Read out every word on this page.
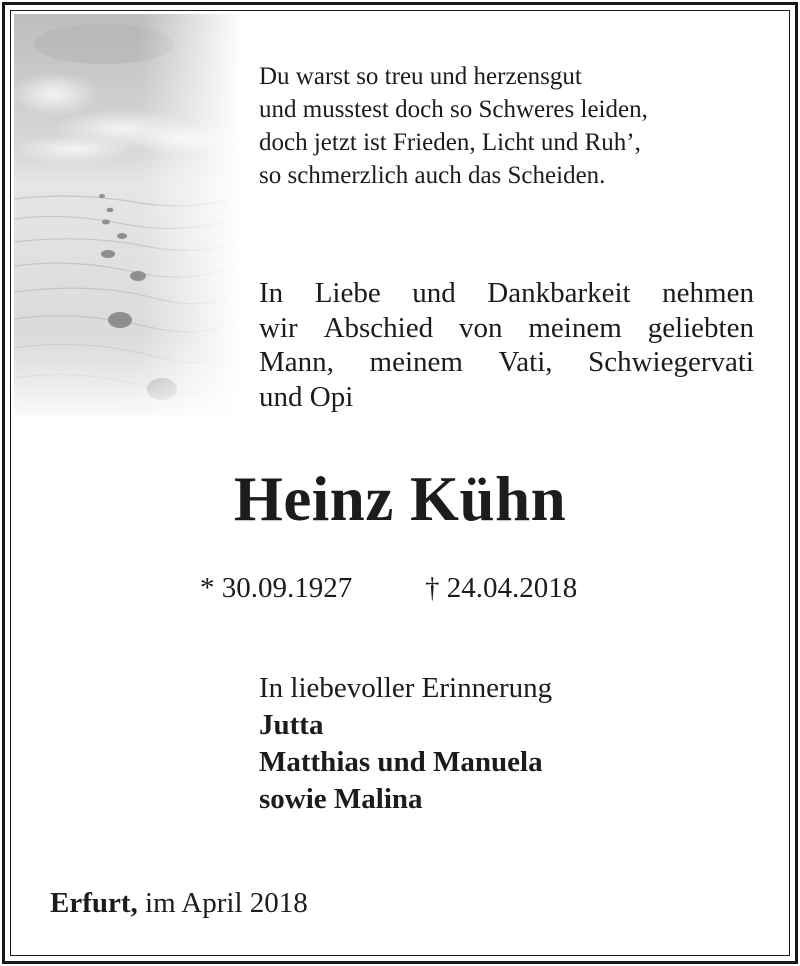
Du warst so treu und herzensgut
und musstest doch so Schweres leiden,
doch jetzt ist Frieden, Licht und Ruh’,
so schmerzlich auch das Scheiden.
In Liebe und Dankbarkeit nehmen
wir Abschied von meinem geliebten
Mann, meinem Vati, Schwiegervati
und
Opi
Heinz Kühn
* 30.09.1927	† 24.04.2018
In liebevoller Erinnerung
Jutta
Matthias und Manuela
sowie Malina
Erfurt, im April 2018
